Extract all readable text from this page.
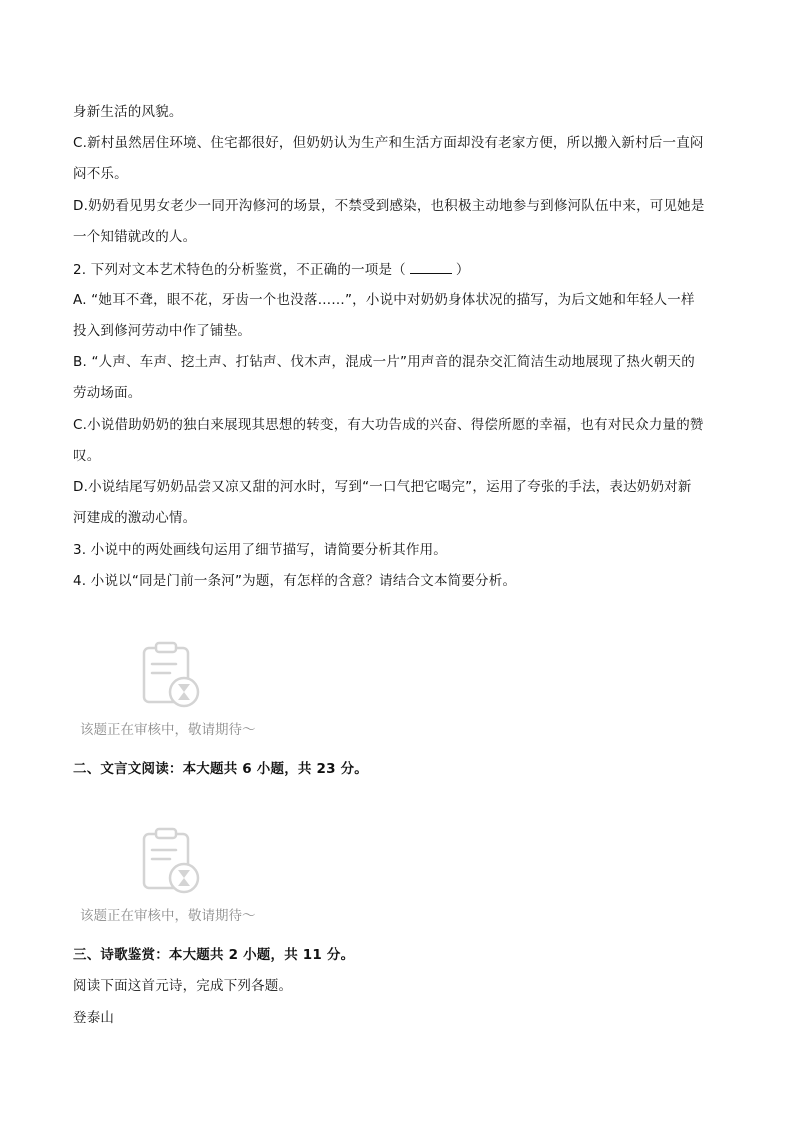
身新生活的风貌。
C.新村虽然居住环境、住宅都很好，但奶奶认为生产和生活方面却没有老家方便，所以搬入新村后一直闷
闷不乐。
D.奶奶看见男女老少一同开沟修河的场景，不禁受到感染，也积极主动地参与到修河队伍中来，可见她是
一个知错就改的人。
2. 下列对文本艺术特色的分析鉴赏，不正确的一项是（	）
A. “她耳不聋，眼不花，牙齿一个也没落……”，小说中对奶奶身体状况的描写，为后文她和年轻人一样
投入到修河劳动中作了铺垫。
B. “人声、车声、挖土声、打钻声、伐木声，混成一片”用声音的混杂交汇简洁生动地展现了热火朝天的
劳动场面。
C.小说借助奶奶的独白来展现其思想的转变，有大功告成的兴奋、得偿所愿的幸福，也有对民众力量的赞
叹。
D.小说结尾写奶奶品尝又凉又甜的河水时，写到“一口气把它喝完”，运用了夸张的手法，表达奶奶对新
河建成的激动心情。
3. 小说中的两处画线句运用了细节描写，请简要分析其作用。
4. 小说以“同是门前一条河”为题，有怎样的含意？请结合文本简要分析。
该题正在审核中，敬请期待～
二、文言文阅读：本大题共 6 小题，共 23 分。
该题正在审核中，敬请期待～
三、诗歌鉴赏：本大题共 2 小题，共 11 分。
阅读下面这首元诗，完成下列各题。
登泰山
